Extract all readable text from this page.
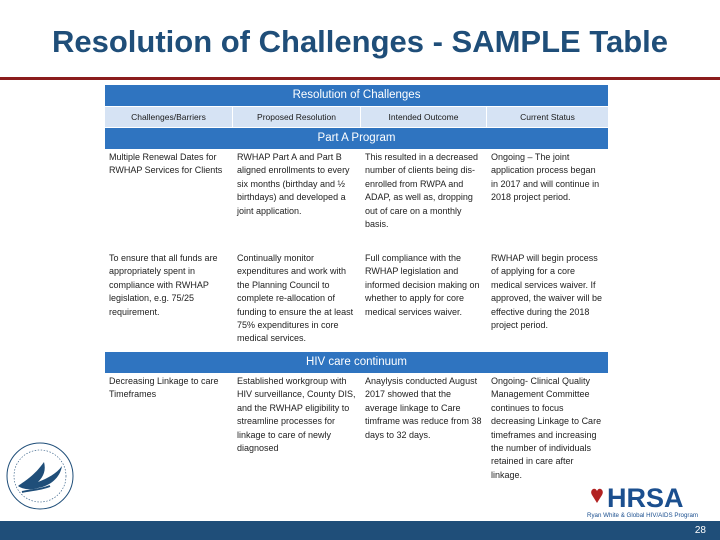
Resolution of Challenges - SAMPLE Table
Resolution of Challenges			
Challenges/Barriers	Proposed Resolution	Intended Outcome	Current Status
Part A Program			
Multiple Renewal Dates for RWHAP Services for Clients	RWHAP Part A and Part B aligned enrollments to every six months (birthday and ½ birthdays) and developed a joint application.	This resulted in a decreased number of clients being dis-enrolled from RWPA and ADAP, as well as, dropping out of care on a monthly basis.	Ongoing – The joint application process began in 2017 and will continue in 2018 project period.
To ensure that all funds are appropriately spent in compliance with RWHAP legislation, e.g. 75/25 requirement.	Continually monitor expenditures and work with the Planning Council to complete re-allocation of funding to ensure the at least 75% expenditures in core medical services.	Full compliance with the RWHAP legislation and informed decision making on whether to apply for core medical services waiver.	RWHAP will begin process of applying for a core medical services waiver. If approved, the waiver will be effective during the 2018 project period.
HIV care continuum			
Decreasing Linkage to care Timeframes	Established workgroup with HIV surveillance, County DIS, and the RWHAP eligibility to streamline processes for linkage to care of newly diagnosed	Anaylysis conducted August 2017 showed that the average linkage to Care timframe was reduce from 38 days to 32 days.	Ongoing- Clinical Quality Management Committee continues to focus decreasing Linkage to Care timeframes and increasing the number of individuals retained in care after linkage.
HRSA
Ryan White & Global HIV/AIDS Program
28
